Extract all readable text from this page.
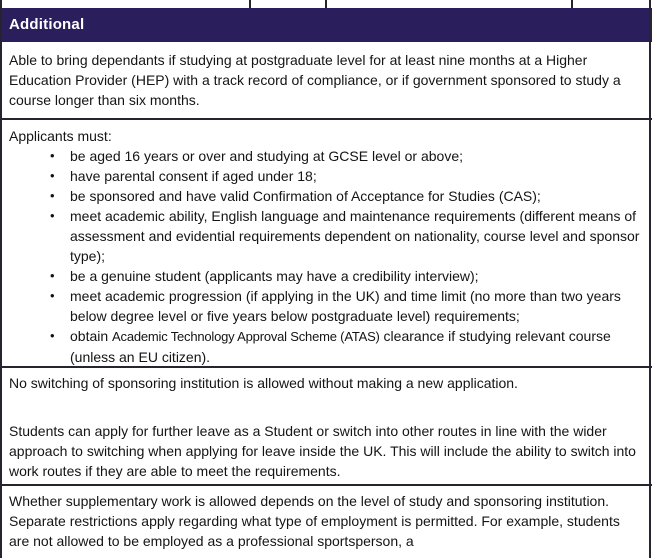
Additional

Able to bring dependants if studying at postgraduate level for at least nine months at a Higher Education Provider (HEP) with a track record of compliance, or if government sponsored to study a course longer than six months.

Applicants must:

• be aged 16 years or over and studying at GCSE level or above;
• have parental consent if aged under 18;
• be sponsored and have valid Confirmation of Acceptance for Studies (CAS);
• meet academic ability, English language and maintenance requirements (different means of assessment and evidential requirements dependent on nationality, course level and sponsor type);
• be a genuine student (applicants may have a credibility interview);
• meet academic progression (if applying in the UK) and time limit (no more than two years below degree level or five years below postgraduate level) requirements;
• obtain Academic Technology Approval Scheme (ATAS) clearance if studying relevant course (unless an EU citizen).

No switching of sponsoring institution is allowed without making a new application.

Students can apply for further leave as a Student or switch into other routes in line with the wider approach to switching when applying for leave inside the UK. This will include the ability to switch into work routes if they are able to meet the requirements.

Whether supplementary work is allowed depends on the level of study and sponsoring institution. Separate restrictions apply regarding what type of employment is permitted. For example, students are not allowed to be employed as a professional sportsperson, a
